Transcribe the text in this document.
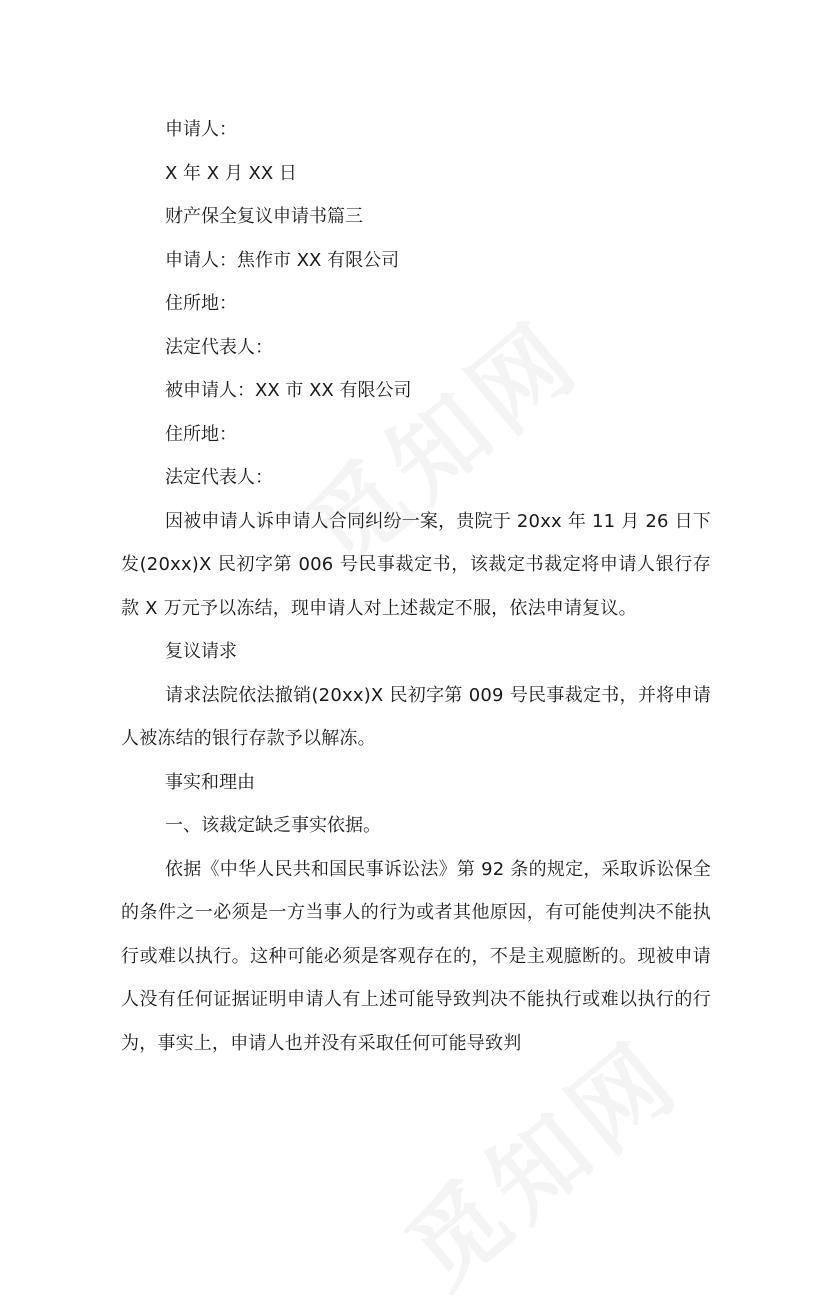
申请人：

X 年 X 月 XX 日

财产保全复议申请书篇三

申请人：焦作市 XX 有限公司

住所地：

法定代表人：

被申请人：XX 市 XX 有限公司

住所地：

法定代表人：

因被申请人诉申请人合同纠纷一案，贵院于 20xx 年 11 月 26 日下发(20xx)X 民初字第 006 号民事裁定书，该裁定书裁定将申请人银行存款 X 万元予以冻结，现申请人对上述裁定不服，依法申请复议。

复议请求

请求法院依法撤销(20xx)X 民初字第 009 号民事裁定书，并将申请人被冻结的银行存款予以解冻。

事实和理由

一、该裁定缺乏事实依据。

依据《中华人民共和国民事诉讼法》第 92 条的规定，采取诉讼保全的条件之一必须是一方当事人的行为或者其他原因，有可能使判决不能执行或难以执行。这种可能必须是客观存在的，不是主观臆断的。现被申请人没有任何证据证明申请人有上述可能导致判决不能执行或难以执行的行为，事实上，申请人也并没有采取任何可能导致判
